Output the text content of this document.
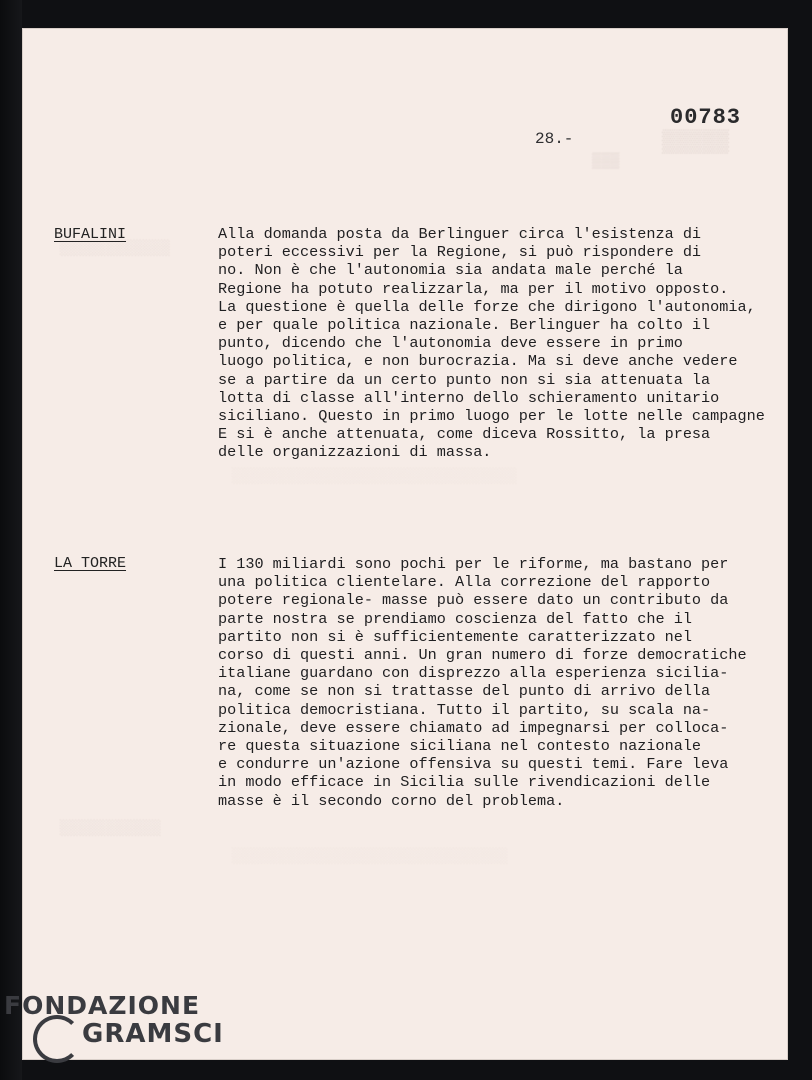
▒▒▒▒▒
▒▒▒
░░░░░░░░░░░░
░░░░░░░░░░░
00783
28.-
BUFALINI	Alla domanda posta da Berlinguer circa l'esistenza di
poteri eccessivi per la Regione, si può rispondere di
no. Non è che l'autonomia sia andata male perché la
Regione ha potuto realizzarla, ma per il motivo opposto.
La questione è quella delle forze che dirigono l'autonomia,
e per quale politica nazionale. Berlinguer ha colto il
punto, dicendo che l'autonomia deve essere in primo
luogo politica, e non burocrazia. Ma si deve anche vedere
se a partire da un certo punto non si sia attenuata la
lotta di classe all'interno dello schieramento unitario
siciliano. Questo in primo luogo per le lotte nelle campagne
E si è anche attenuata, come diceva Rossitto, la presa
delle organizzazioni di massa.
LA TORRE	I 130 miliardi sono pochi per le riforme, ma bastano per
una politica clientelare. Alla correzione del rapporto
potere regionale- masse può essere dato un contributo da
parte nostra se prendiamo coscienza del fatto che il
partito non si è sufficientemente caratterizzato nel
corso di questi anni. Un gran numero di forze democratiche
italiane guardano con disprezzo alla esperienza sicilia-
na, come se non si trattasse del punto di arrivo della
politica democristiana. Tutto il partito, su scala na-
zionale, deve essere chiamato ad impegnarsi per colloca-
re questa situazione siciliana nel contesto nazionale
e condurre un'azione offensiva su questi temi. Fare leva
in modo efficace in Sicilia sulle rivendicazioni delle
masse è il secondo corno del problema.
░░░░░░░░░░░░░░░░░░░░░░░░░░░░░░░
░░░░░░░░░░░░░░░░░░░░░░░░░░░░░░
FONDAZIONE
GRAMSCI
